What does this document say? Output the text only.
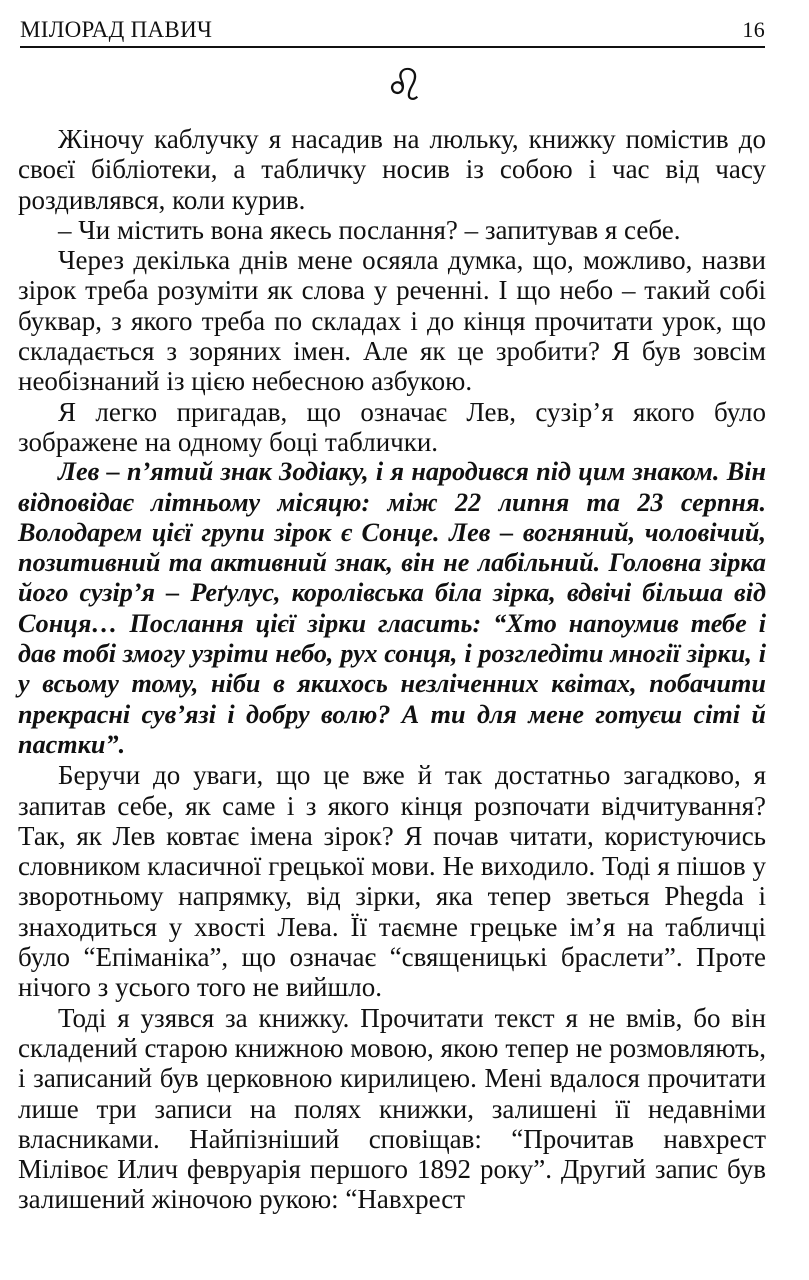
МІЛОРАД ПАВИЧ	16
♌

Жіночу каблучку я насадив на люльку, книжку помістив до своєї бібліотеки, а табличку носив із собою і час від часу роздивлявся, коли курив.

– Чи містить вона якесь послання? – запитував я себе.

Через декілька днів мене осяяла думка, що, можливо, назви зірок треба розуміти як слова у реченні. І що небо – такий собі буквар, з якого треба по складах і до кінця прочитати урок, що складається з зоряних імен. Але як це зробити? Я був зовсім необізнаний із цією небесною азбукою.

Я легко пригадав, що означає Лев, сузір’я якого було зображене на одному боці таблички.

Лев – п’ятий знак Зодіаку, і я народився під цим знаком. Він відповідає літньому місяцю: між 22 липня та 23 серпня. Володарем цієї групи зірок є Сонце. Лев – вогняний, чоловічий, позитивний та активний знак, він не лабільний. Головна зірка його сузір’я – Реґулус, королівська біла зірка, вдвічі більша від Сонця… Послання цієї зірки гласить: “Хто напоумив тебе і дав тобі змогу узріти небо, рух сонця, і розгледіти многії зірки, і у всьому тому, ніби в якихось незліченних квітах, побачити прекрасні сув’язі і добру волю? А ти для мене готуєш сіті й пастки”.

Беручи до уваги, що це вже й так достатньо загадково, я запитав себе, як саме і з якого кінця розпочати відчитування? Так, як Лев ковтає імена зірок? Я почав читати, користуючись словником класичної грецької мови. Не виходило. Тоді я пішов у зворотньому напрямку, від зірки, яка тепер зветься Phegda і знаходиться у хвості Лева. Її таємне грецьке ім’я на табличці було “Епіманіка”, що означає “священицькі браслети”. Проте нічого з усього того не вийшло.

Тоді я узявся за книжку. Прочитати текст я не вмів, бо він складений старою книжною мовою, якою тепер не розмовляють, і записаний був церковною кирилицею. Мені вдалося прочитати лише три записи на полях книжки, залишені її недавніми власниками. Найпізніший сповіщав: “Прочитав навхрест Мілівоє Илич февруарія першого 1892 року”. Другий запис був залишений жіночою рукою: “Навхрест
